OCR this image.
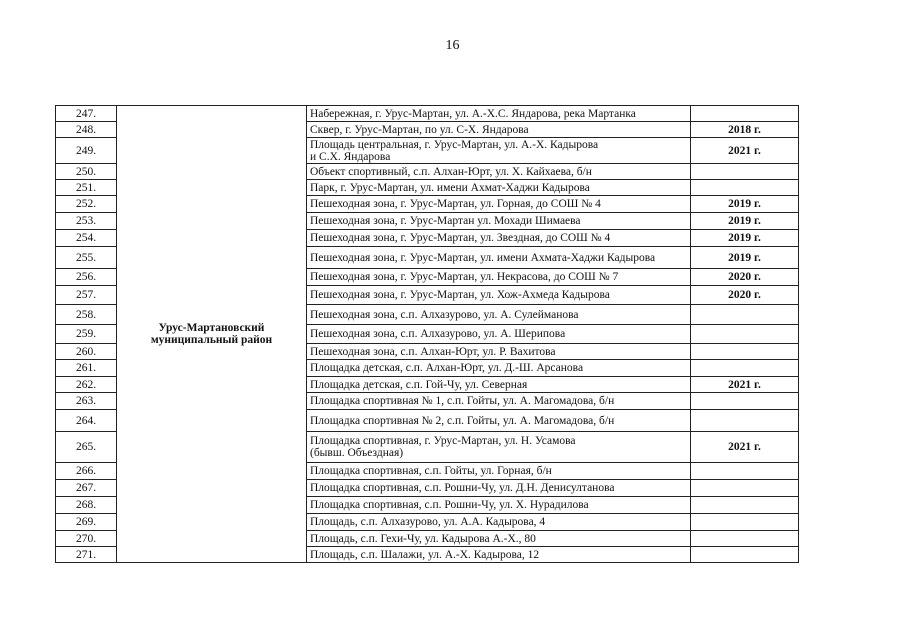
16
247.	Урус-Мартановский муниципальный район	Набережная, г. Урус-Мартан, ул. А.-Х.С. Яндарова, река Мартанка	
248.		Сквер, г. Урус-Мартан, по ул. С-Х. Яндарова	2018 г.
249.		Площадь центральная, г. Урус-Мартан, ул. А.-Х. Кадырова
и С.Х. Яндарова	2021 г.
250.		Объект спортивный, с.п. Алхан-Юрт, ул. Х. Кайхаева, б/н	
251.		Парк, г. Урус-Мартан, ул. имени Ахмат-Хаджи Кадырова	
252.		Пешеходная зона, г. Урус-Мартан, ул. Горная, до СОШ № 4	2019 г.
253.		Пешеходная зона, г. Урус-Мартан ул. Мохади Шимаева	2019 г.
254.		Пешеходная зона, г. Урус-Мартан, ул. Звездная, до СОШ № 4	2019 г.
255.		Пешеходная зона, г. Урус-Мартан, ул. имени Ахмата-Хаджи Кадырова	2019 г.
256.		Пешеходная зона, г. Урус-Мартан, ул. Некрасова, до СОШ № 7	2020 г.
257.		Пешеходная зона, г. Урус-Мартан, ул. Хож-Ахмеда Кадырова	2020 г.
258.		Пешеходная зона, с.п. Алхазурово, ул. А. Сулейманова	
259.		Пешеходная зона, с.п. Алхазурово, ул. А. Шерипова	
260.		Пешеходная зона, с.п. Алхан-Юрт, ул. Р. Вахитова	
261.		Площадка детская, с.п. Алхан-Юрт, ул. Д.-Ш. Арсанова	
262.		Площадка детская, с.п. Гой-Чу, ул. Северная	2021 г.
263.		Площадка спортивная № 1, с.п. Гойты, ул. А. Магомадова, б/н	
264.		Площадка спортивная № 2, с.п. Гойты, ул. А. Магомадова, б/н	
265.		Площадка спортивная, г. Урус-Мартан, ул. Н. Усамова
(бывш. Объездная)	2021 г.
266.		Площадка спортивная, с.п. Гойты, ул. Горная, б/н	
267.		Площадка спортивная, с.п. Рошни-Чу, ул. Д.Н. Денисултанова	
268.		Площадка спортивная, с.п. Рошни-Чу, ул. Х. Нурадилова	
269.		Площадь, с.п. Алхазурово, ул. А.А. Кадырова, 4	
270.		Площадь, с.п. Гехи-Чу, ул. Кадырова А.-Х., 80	
271.		Площадь, с.п. Шалажи, ул. А.-Х. Кадырова, 12	
